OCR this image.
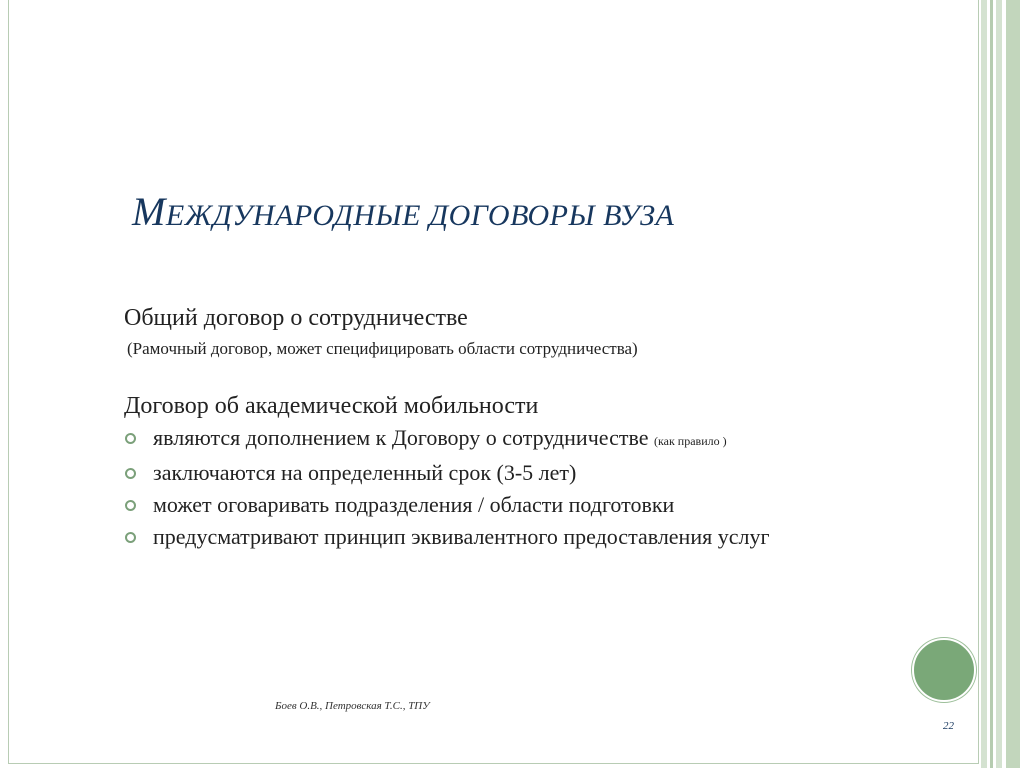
МЕЖДУНАРОДНЫЕ ДОГОВОРЫ ВУЗА

Общий договор о сотрудничестве

(Рамочный договор, может специфицировать области сотрудничества)

Договор об академической мобильности

являются дополнением к Договору о сотрудничестве (как правило )
заключаются на определенный срок (3-5 лет)
может оговаривать подразделения / области подготовки
предусматривают принцип эквивалентного предоставления услуг
Боев О.В., Петровская Т.С., ТПУ
22
